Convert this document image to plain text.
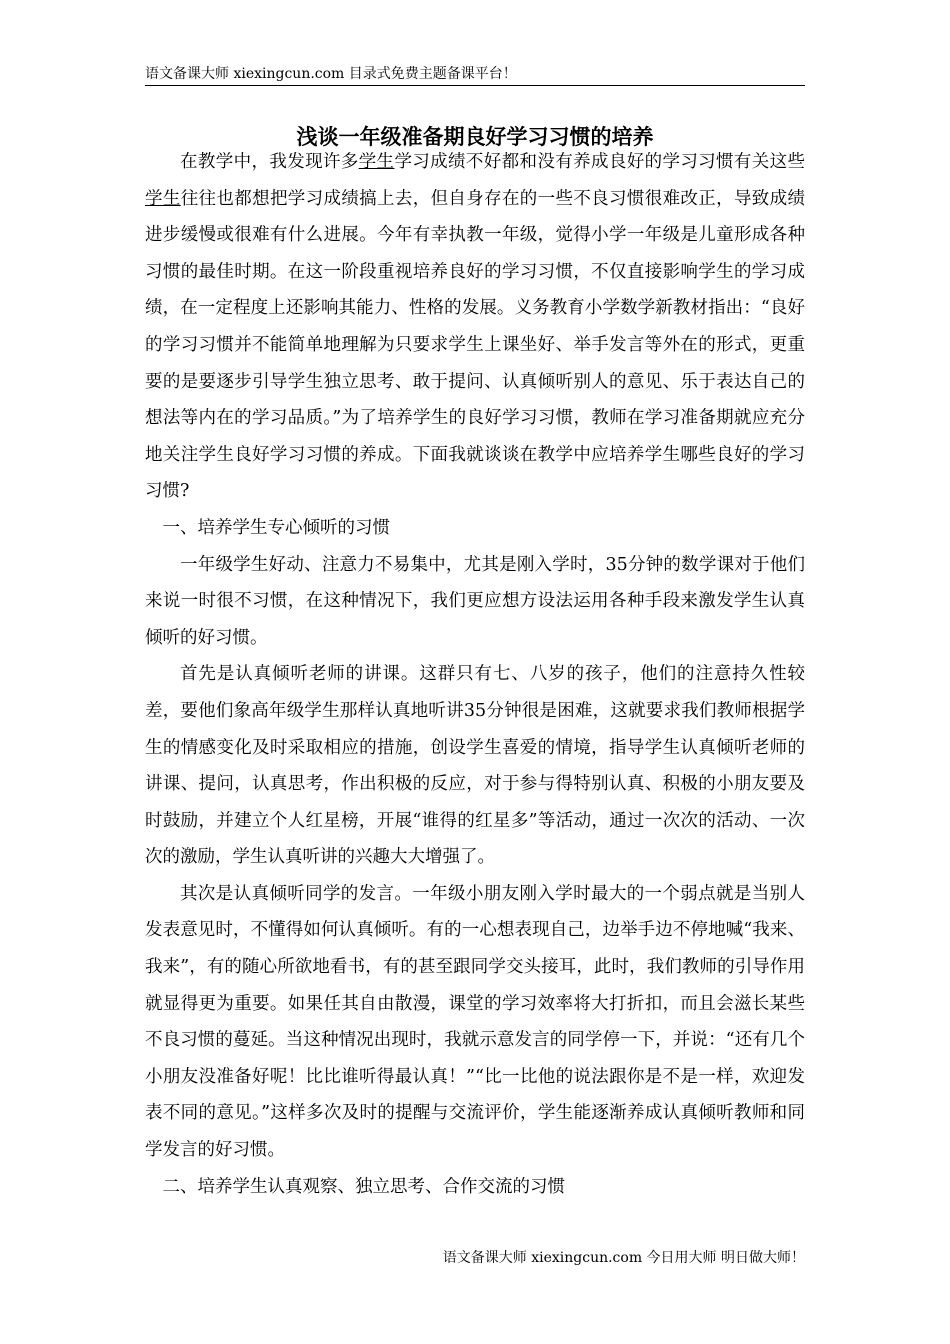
语文备课大师 xiexingcun.com 目录式免费主题备课平台！
浅谈一年级准备期良好学习习惯的培养

在教学中，我发现许多学生学习成绩不好都和没有养成良好的学习习惯有关这些学生往往也都想把学习成绩搞上去，但自身存在的一些不良习惯很难改正，导致成绩进步缓慢或很难有什么进展。今年有幸执教一年级，觉得小学一年级是儿童形成各种习惯的最佳时期。在这一阶段重视培养良好的学习习惯，不仅直接影响学生的学习成绩，在一定程度上还影响其能力、性格的发展。义务教育小学数学新教材指出：“良好的学习习惯并不能简单地理解为只要求学生上课坐好、举手发言等外在的形式，更重要的是要逐步引导学生独立思考、敢于提问、认真倾听别人的意见、乐于表达自己的想法等内在的学习品质。”为了培养学生的良好学习习惯，教师在学习准备期就应充分地关注学生良好学习习惯的养成。下面我就谈谈在教学中应培养学生哪些良好的学习习惯?

一、培养学生专心倾听的习惯

一年级学生好动、注意力不易集中，尤其是刚入学时，35分钟的数学课对于他们来说一时很不习惯，在这种情况下，我们更应想方设法运用各种手段来激发学生认真倾听的好习惯。

首先是认真倾听老师的讲课。这群只有七、八岁的孩子，他们的注意持久性较差，要他们象高年级学生那样认真地听讲35分钟很是困难，这就要求我们教师根据学生的情感变化及时采取相应的措施，创设学生喜爱的情境，指导学生认真倾听老师的讲课、提问，认真思考，作出积极的反应，对于参与得特别认真、积极的小朋友要及时鼓励，并建立个人红星榜，开展“谁得的红星多”等活动，通过一次次的活动、一次次的激励，学生认真听讲的兴趣大大增强了。

其次是认真倾听同学的发言。一年级小朋友刚入学时最大的一个弱点就是当别人发表意见时，不懂得如何认真倾听。有的一心想表现自己，边举手边不停地喊“我来、我来”，有的随心所欲地看书，有的甚至跟同学交头接耳，此时，我们教师的引导作用就显得更为重要。如果任其自由散漫，课堂的学习效率将大打折扣，而且会滋长某些不良习惯的蔓延。当这种情况出现时，我就示意发言的同学停一下，并说：“还有几个小朋友没准备好呢！比比谁听得最认真！”“比一比他的说法跟你是不是一样，欢迎发表不同的意见。”这样多次及时的提醒与交流评价，学生能逐渐养成认真倾听教师和同学发言的好习惯。

二、培养学生认真观察、独立思考、合作交流的习惯

语文备课大师 xiexingcun.com 今日用大师 明日做大师！
